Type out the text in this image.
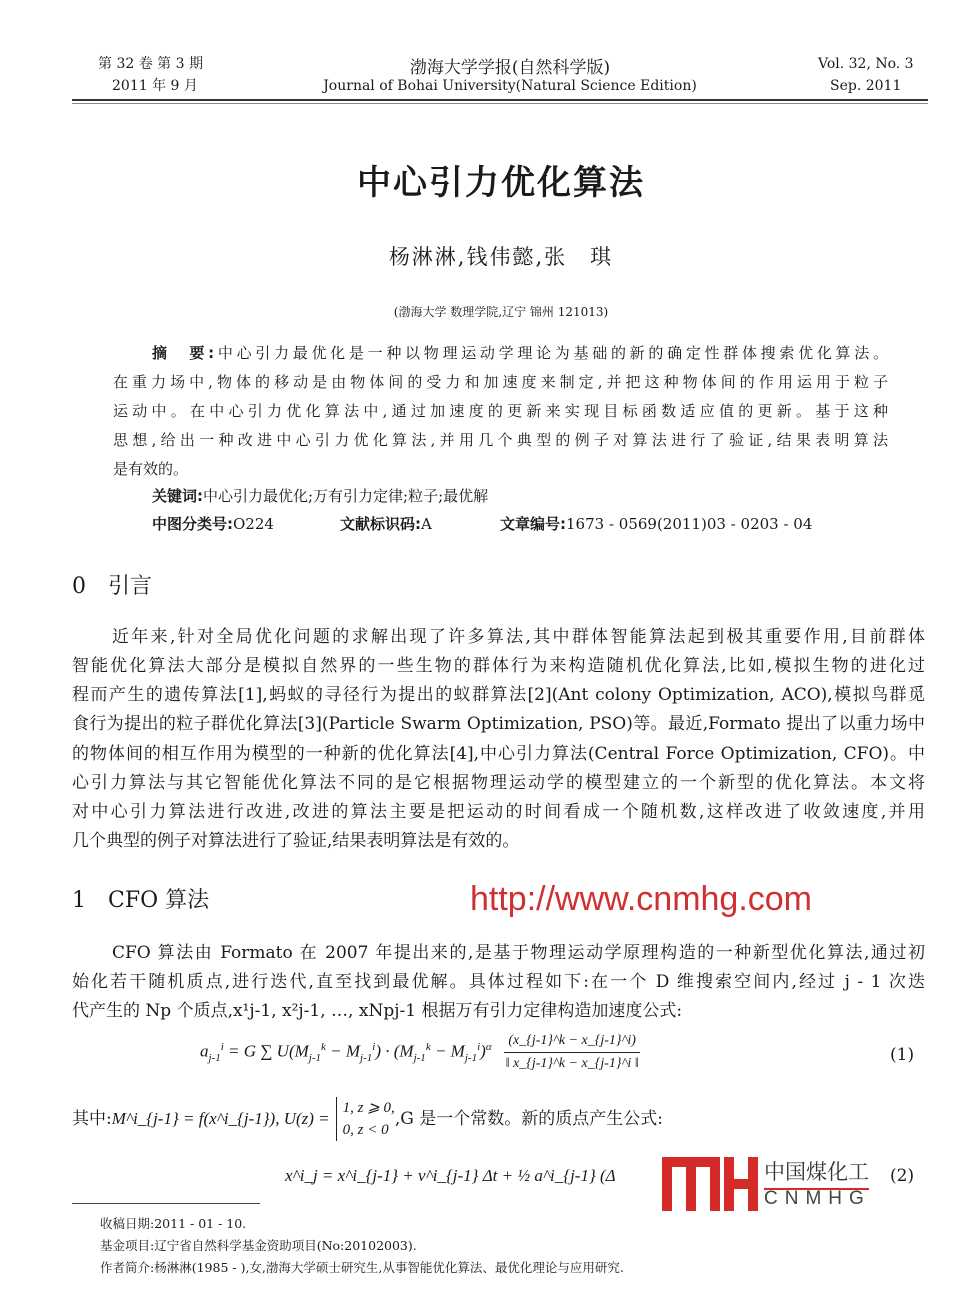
第 32 卷 第 3 期
2011 年 9 月
渤海大学学报(自然科学版)
Journal of Bohai University(Natural Science Edition)
Vol. 32, No. 3
Sep. 2011
中心引力优化算法
杨淋淋,钱伟懿,张　琪
(渤海大学 数理学院,辽宁 锦州 121013)
摘　要:中心引力最优化是一种以物理运动学理论为基础的新的确定性群体搜索优化算法。
在重力场中,物体的移动是由物体间的受力和加速度来制定,并把这种物体间的作用运用于粒子
运动中。在中心引力优化算法中,通过加速度的更新来实现目标函数适应值的更新。基于这种
思想,给出一种改进中心引力优化算法,并用几个典型的例子对算法进行了验证,结果表明算法
是有效的。
关键词:中心引力最优化;万有引力定律;粒子;最优解
中图分类号:O224	文献标识码:A	文章编号:1673 - 0569(2011)03 - 0203 - 04
0　引言
近年来,针对全局优化问题的求解出现了许多算法,其中群体智能算法起到极其重要作用,目前群体
智能优化算法大部分是模拟自然界的一些生物的群体行为来构造随机优化算法,比如,模拟生物的进化过
程而产生的遗传算法[1],蚂蚁的寻径行为提出的蚁群算法[2](Ant colony Optimization, ACO),模拟鸟群觅
食行为提出的粒子群优化算法[3](Particle Swarm Optimization, PSO)等。最近,Formato 提出了以重力场中
的物体间的相互作用为模型的一种新的优化算法[4],中心引力算法(Central Force Optimization, CFO)。中
心引力算法与其它智能优化算法不同的是它根据物理运动学的模型建立的一个新型的优化算法。本文将
对中心引力算法进行改进,改进的算法主要是把运动的时间看成一个随机数,这样改进了收敛速度,并用
几个典型的例子对算法进行了验证,结果表明算法是有效的。
1　CFO 算法	http://www.cnmhg.com
CFO 算法由 Formato 在 2007 年提出来的,是基于物理运动学原理构造的一种新型优化算法,通过初
始化若干随机质点,进行迭代,直至找到最优解。具体过程如下:在一个 D 维搜索空间内,经过 j - 1 次迭
代产生的 Np 个质点,x¹j-1, x²j-1, …, xNpj-1 根据万有引力定律构造加速度公式:
$a_{j-1}^i = G$ ∑ $U(M_{j-1}^k - M_{j-1}^i) \cdot (M_{j-1}^k - M_{j-1}^i)^\alpha \frac{(x\_\{j-1\}\^{}k - x\_\{j-1\}\^{}i)}{‖ x\_\{j-1\}\^{}k - x\_\{j-1\}\^{}i ‖}$	(1)
其中: M^i_{j-1} = f(x^i_{j-1}), U(z) =
1, z ⩾ 0,
0, z < 0
,G 是一个常数。新的质点产生公式:
x^i_j = x^i_{j-1} + v^i_{j-1} Δt + ½ a^i_{j-1} (Δ	(2)
中国煤化工
CNMHG
收稿日期:2011 - 01 - 10.
基金项目:辽宁省自然科学基金资助项目(No:20102003).
作者简介:杨淋淋(1985 - ),女,渤海大学硕士研究生,从事智能优化算法、最优化理论与应用研究.
